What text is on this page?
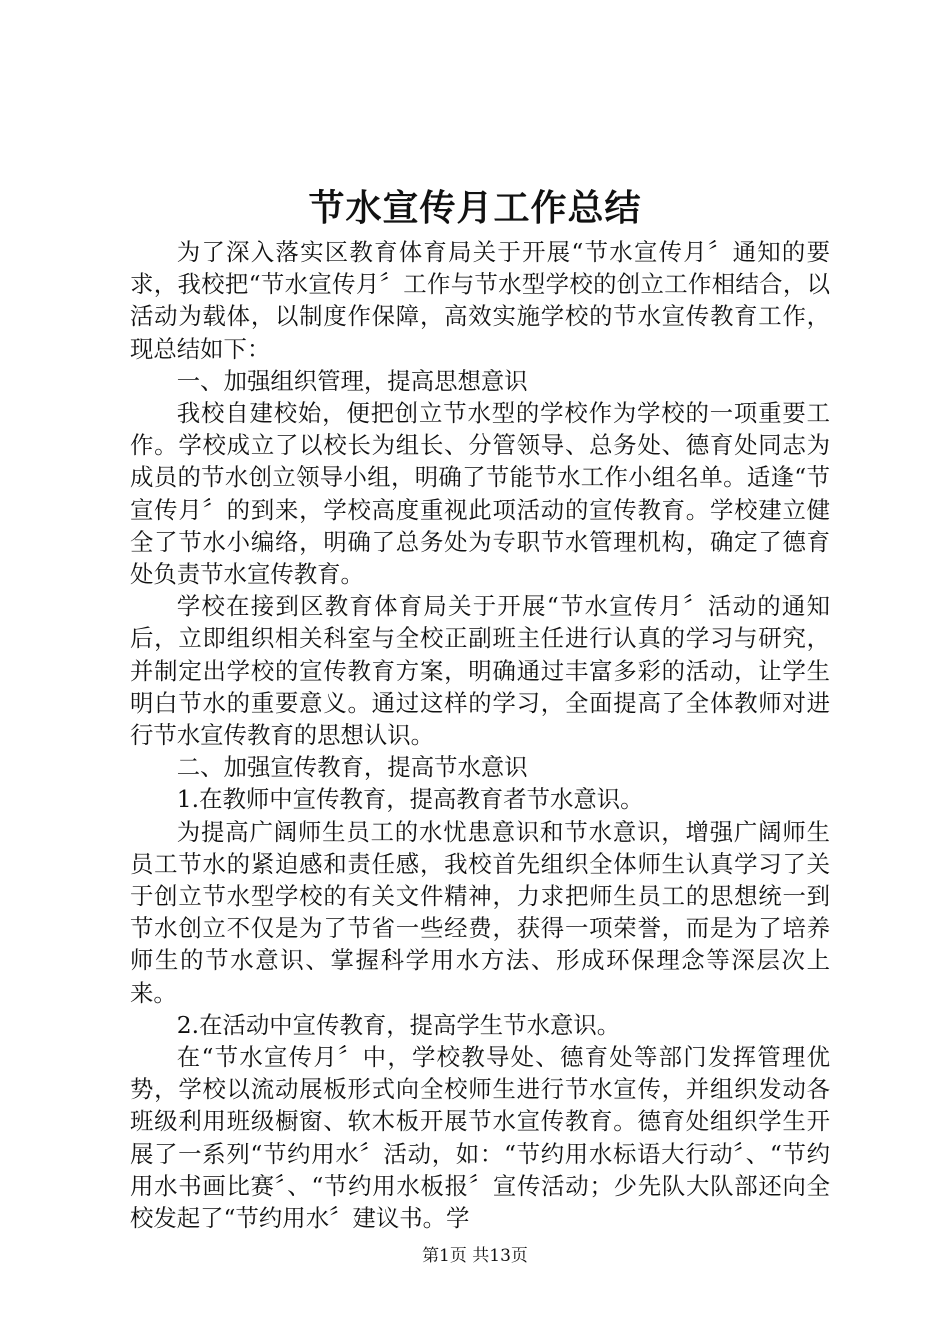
节水宣传月工作总结

为了深入落实区教育体育局关于开展“节水宣传月〞通知的要求，我校把“节水宣传月〞工作与节水型学校的创立工作相结合，以活动为载体，以制度作保障，高效实施学校的节水宣传教育工作，现总结如下：

一、加强组织管理，提高思想意识

我校自建校始，便把创立节水型的学校作为学校的一项重要工作。学校成立了以校长为组长、分管领导、总务处、德育处同志为成员的节水创立领导小组，明确了节能节水工作小组名单。适逢“节宣传月〞的到来，学校高度重视此项活动的宣传教育。学校建立健全了节水小编络，明确了总务处为专职节水管理机构，确定了德育处负责节水宣传教育。

学校在接到区教育体育局关于开展“节水宣传月〞活动的通知后，立即组织相关科室与全校正副班主任进行认真的学习与研究，并制定出学校的宣传教育方案，明确通过丰富多彩的活动，让学生明白节水的重要意义。通过这样的学习，全面提高了全体教师对进行节水宣传教育的思想认识。

二、加强宣传教育，提高节水意识

1.在教师中宣传教育，提高教育者节水意识。

为提高广阔师生员工的水忧患意识和节水意识，增强广阔师生员工节水的紧迫感和责任感，我校首先组织全体师生认真学习了关于创立节水型学校的有关文件精神，力求把师生员工的思想统一到节水创立不仅是为了节省一些经费，获得一项荣誉，而是为了培养师生的节水意识、掌握科学用水方法、形成环保理念等深层次上来。

2.在活动中宣传教育，提高学生节水意识。

在“节水宣传月〞中，学校教导处、德育处等部门发挥管理优势，学校以流动展板形式向全校师生进行节水宣传，并组织发动各班级利用班级橱窗、软木板开展节水宣传教育。德育处组织学生开展了一系列“节约用水〞活动，如：“节约用水标语大行动〞、“节约用水书画比赛〞、“节约用水板报〞宣传活动；少先队大队部还向全校发起了“节约用水〞建议书。学

第1页 共13页
